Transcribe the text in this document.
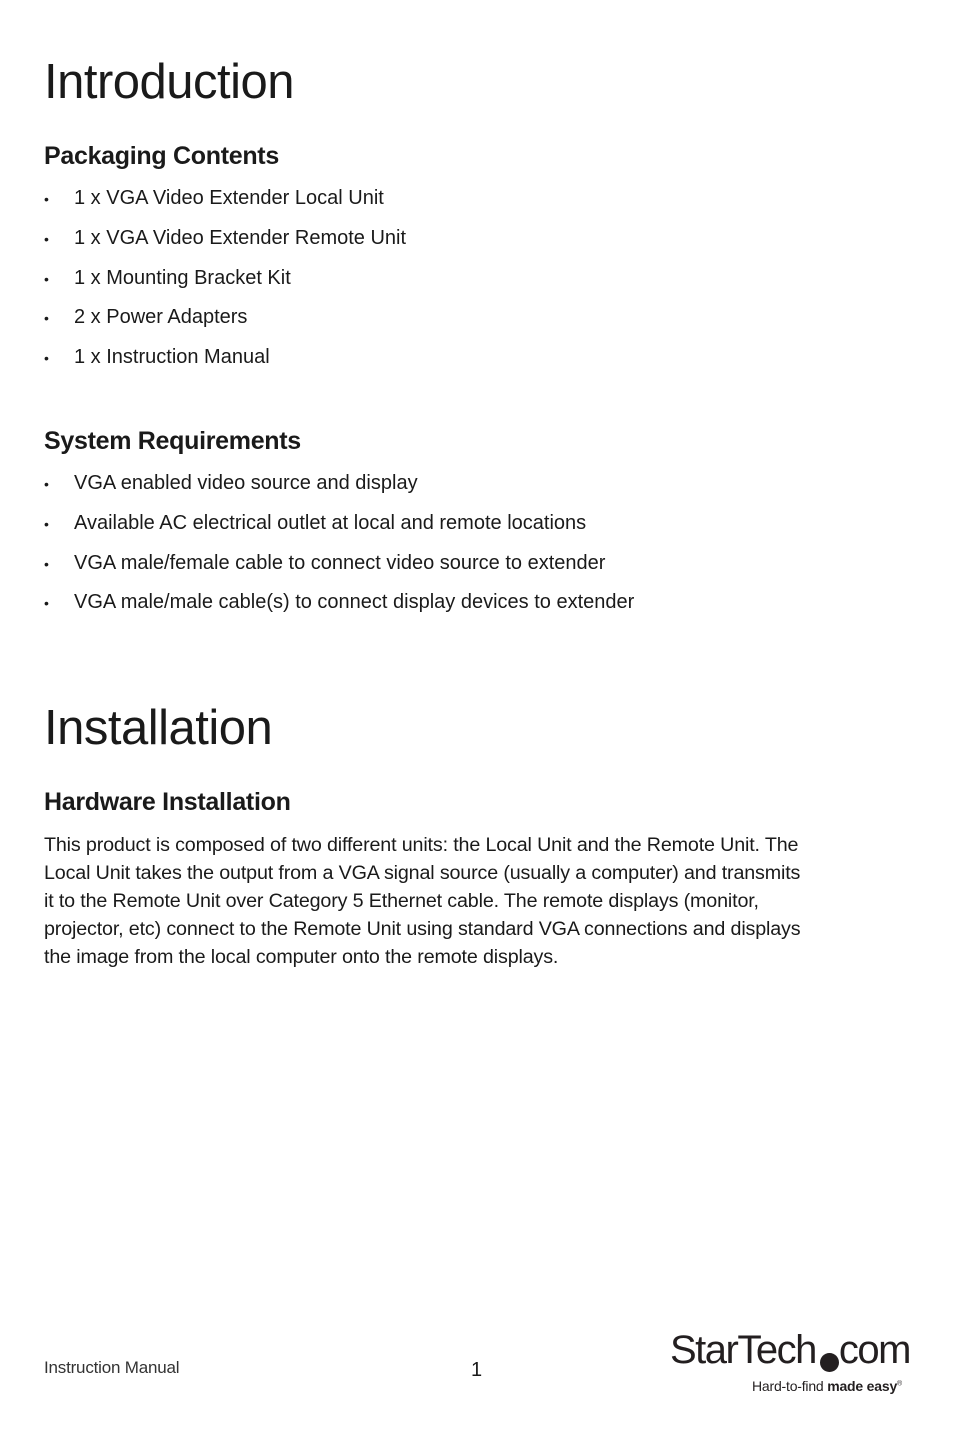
Introduction
Packaging Contents
• 1 x VGA Video Extender Local Unit
• 1 x VGA Video Extender Remote Unit
• 1 x Mounting Bracket Kit
• 2 x Power Adapters
• 1 x Instruction Manual
System Requirements
• VGA enabled video source and display
• Available AC electrical outlet at local and remote locations
• VGA male/female cable to connect video source to extender
• VGA male/male cable(s) to connect display devices to extender
Installation
Hardware Installation
This product is composed of two different units: the Local Unit and the Remote Unit. The
Local Unit takes the output from a VGA signal source (usually a computer) and transmits
it to the Remote Unit over Category 5 Ethernet cable. The remote displays (monitor,
projector, etc) connect to the Remote Unit using standard VGA connections and displays
the image from the local computer onto the remote displays.
Instruction Manual	1	StarTech com
Hard-to-find made easy®
